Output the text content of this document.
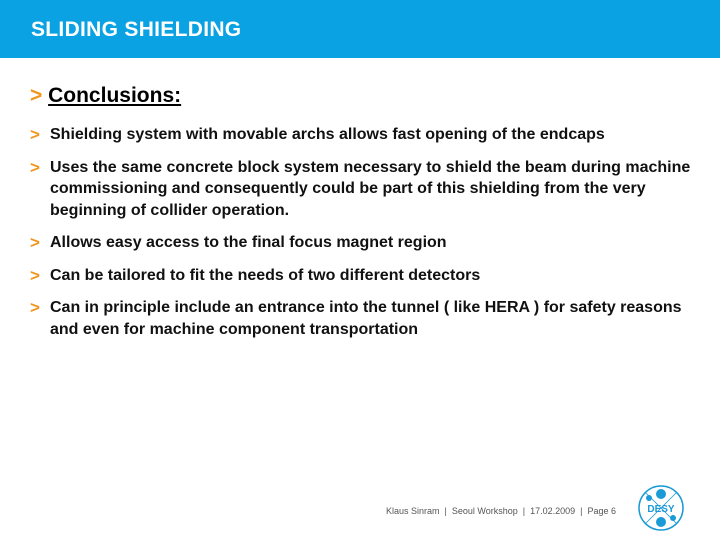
SLIDING SHIELDING
> Conclusions:
> Shielding system with movable archs allows fast opening of the endcaps
> Uses the same concrete block system necessary to shield the beam during machine commissioning and consequently could be part of this shielding from the very beginning of collider operation.
> Allows easy access to the final focus magnet region
> Can be tailored to fit the needs of two different detectors
> Can in principle include an entrance into the tunnel ( like HERA ) for safety reasons and even for machine component transportation
Klaus Sinram  |  Seoul Workshop  |  17.02.2009  |  Page 6	DESY
